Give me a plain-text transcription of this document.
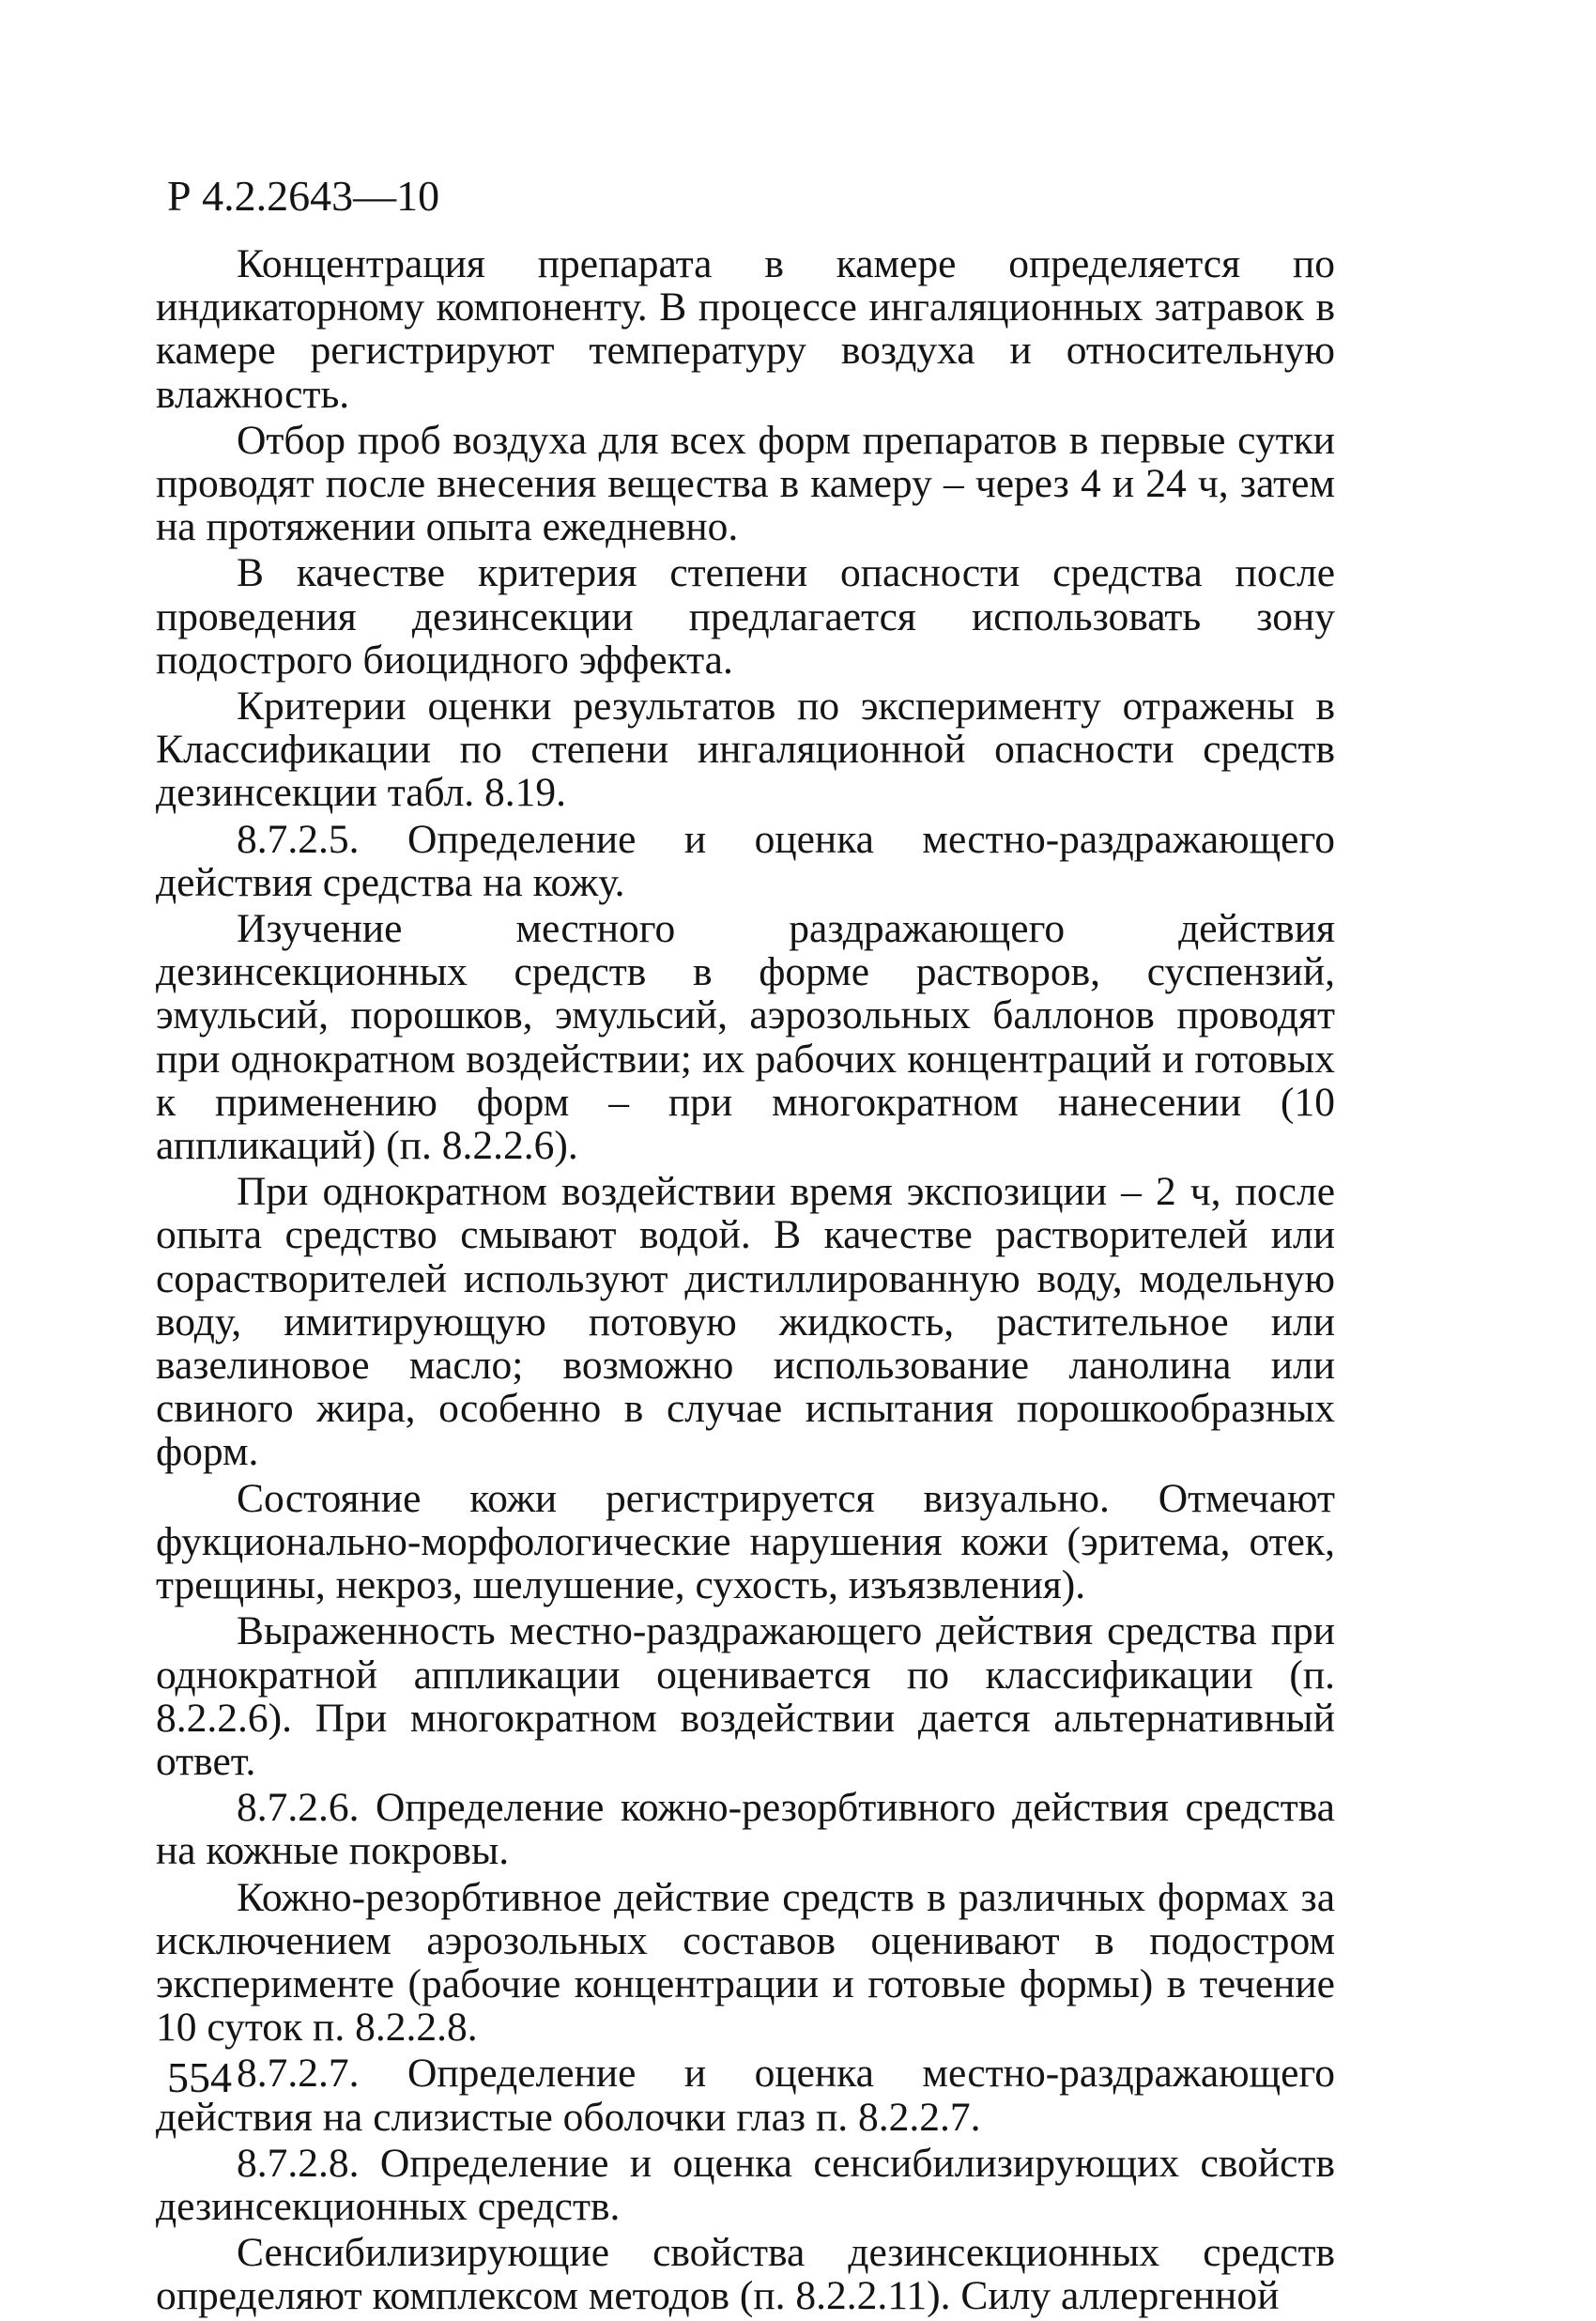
Р 4.2.2643—10

Концентрация препарата в камере определяется по индикаторному компоненту. В процессе ингаляционных затравок в камере регистрируют температуру воздуха и относительную влажность.

Отбор проб воздуха для всех форм препаратов в первые сутки проводят после внесения вещества в камеру – через 4 и 24 ч, затем на протяжении опыта ежедневно.

В качестве критерия степени опасности средства после проведения дезинсекции предлагается использовать зону подострого биоцидного эффекта.

Критерии оценки результатов по эксперименту отражены в Классификации по степени ингаляционной опасности средств дезинсекции табл. 8.19.

8.7.2.5. Определение и оценка местно-раздражающего действия средства на кожу.

Изучение местного раздражающего действия дезинсекционных средств в форме растворов, суспензий, эмульсий, порошков, эмульсий, аэрозольных баллонов проводят при однократном воздействии; их рабочих концентраций и готовых к применению форм – при многократном нанесении (10 аппликаций) (п. 8.2.2.6).

При однократном воздействии время экспозиции – 2 ч, после опыта средство смывают водой. В качестве растворителей или сорастворителей используют дистиллированную воду, модельную воду, имитирующую потовую жидкость, растительное или вазелиновое масло; возможно использование ланолина или свиного жира, особенно в случае испытания порошкообразных форм.

Состояние кожи регистрируется визуально. Отмечают фукционально-морфологические нарушения кожи (эритема, отек, трещины, некроз, шелушение, сухость, изъязвления).

Выраженность местно-раздражающего действия средства при однократной аппликации оценивается по классификации (п. 8.2.2.6). При многократном воздействии дается альтернативный ответ.

8.7.2.6. Определение кожно-резорбтивного действия средства на кожные покровы.

Кожно-резорбтивное действие средств в различных формах за исключением аэрозольных составов оценивают в подостром эксперименте (рабочие концентрации и готовые формы) в течение 10 суток п. 8.2.2.8.

8.7.2.7. Определение и оценка местно-раздражающего действия на слизистые оболочки глаз п. 8.2.2.7.

8.7.2.8. Определение и оценка сенсибилизирующих свойств дезинсекционных средств.

Сенсибилизирующие свойства дезинсекционных средств определяют комплексом методов (п. 8.2.2.11). Силу аллергенной

554
